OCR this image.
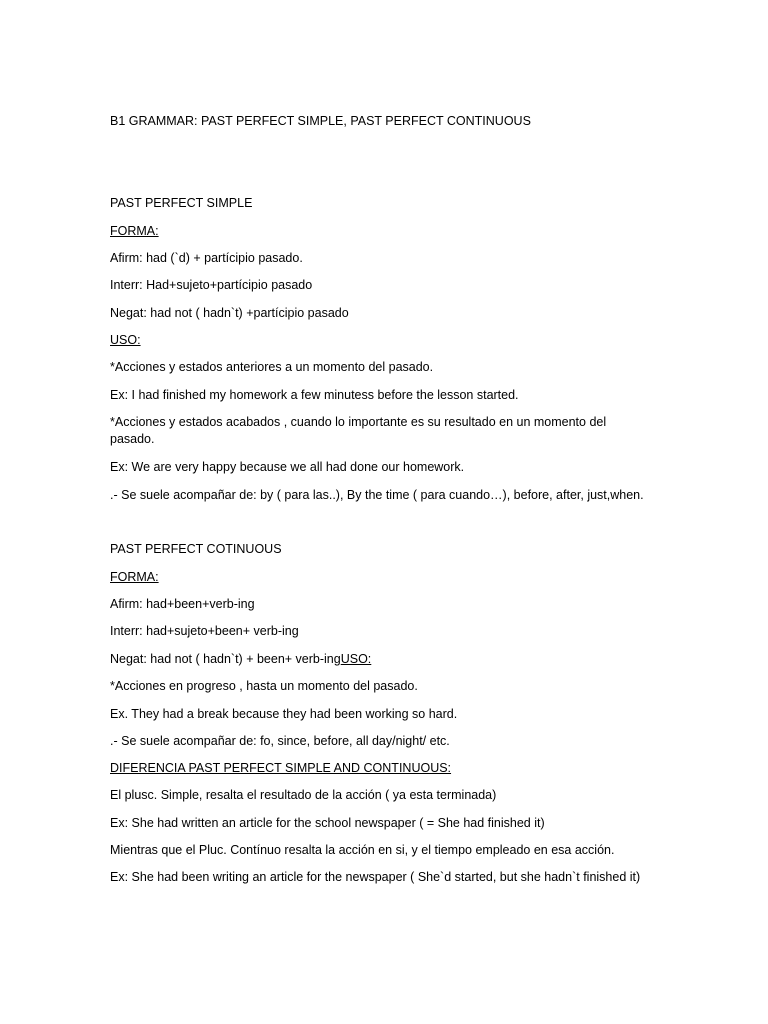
B1 GRAMMAR: PAST PERFECT SIMPLE, PAST PERFECT CONTINUOUS
PAST PERFECT SIMPLE
FORMA:
Afirm: had (`d) + partícipio pasado.
Interr: Had+sujeto+partícipio pasado
Negat: had not ( hadn`t) +partícipio pasado
USO:
*Acciones y estados anteriores a un momento del pasado.
Ex: I had finished my homework a few minutess before the lesson started.
*Acciones y estados acabados , cuando lo importante es su resultado en un momento del pasado.
Ex: We are very happy because we all had done our homework.
.- Se suele acompañar de: by ( para las..), By the time ( para cuando…), before, after, just,when.
PAST PERFECT COTINUOUS
FORMA:
Afirm: had+been+verb-ing
Interr: had+sujeto+been+ verb-ing
Negat: had not ( hadn`t) + been+ verb-ingUSO:
*Acciones en progreso , hasta un momento del pasado.
Ex. They had a break because they had been working so hard.
.- Se suele acompañar de: fo, since, before, all day/night/ etc.
DIFERENCIA PAST PERFECT SIMPLE AND CONTINUOUS:
El plusc. Simple, resalta el resultado de la acción ( ya esta terminada)
Ex: She had written an article for the school newspaper ( = She had finished it)
Mientras que el Pluc. Contínuo resalta la acción en si, y el tiempo empleado en esa acción.
Ex: She had been writing an article for the newspaper ( She`d started, but she hadn`t finished it)
